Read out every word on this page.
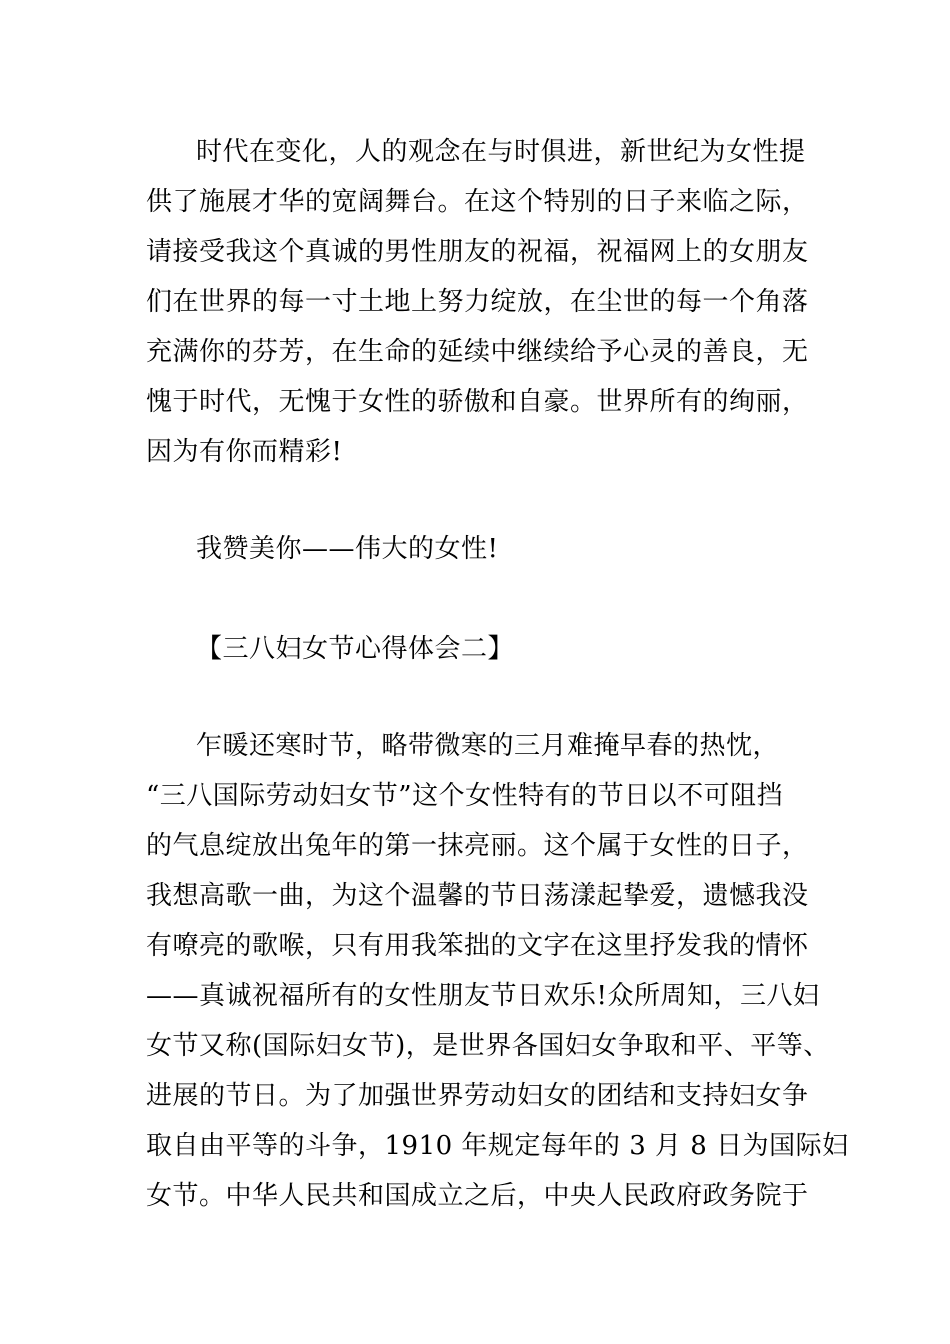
时代在变化，人的观念在与时俱进，新世纪为女性提
供了施展才华的宽阔舞台。在这个特别的日子来临之际，
请接受我这个真诚的男性朋友的祝福，祝福网上的女朋友
们在世界的每一寸土地上努力绽放，在尘世的每一个角落
充满你的芬芳，在生命的延续中继续给予心灵的善良，无
愧于时代，无愧于女性的骄傲和自豪。世界所有的绚丽，
因为有你而精彩!
我赞美你——伟大的女性!
【三八妇女节心得体会二】
乍暖还寒时节，略带微寒的三月难掩早春的热忱，
“三八国际劳动妇女节”这个女性特有的节日以不可阻挡
的气息绽放出兔年的第一抹亮丽。这个属于女性的日子，
我想高歌一曲，为这个温馨的节日荡漾起挚爱，遗憾我没
有嘹亮的歌喉，只有用我笨拙的文字在这里抒发我的情怀
——真诚祝福所有的女性朋友节日欢乐!众所周知，三八妇
女节又称(国际妇女节)，是世界各国妇女争取和平、平等、
进展的节日。为了加强世界劳动妇女的团结和支持妇女争
取自由平等的斗争，1910 年规定每年的 3 月 8 日为国际妇
女节。中华人民共和国成立之后，中央人民政府政务院于
